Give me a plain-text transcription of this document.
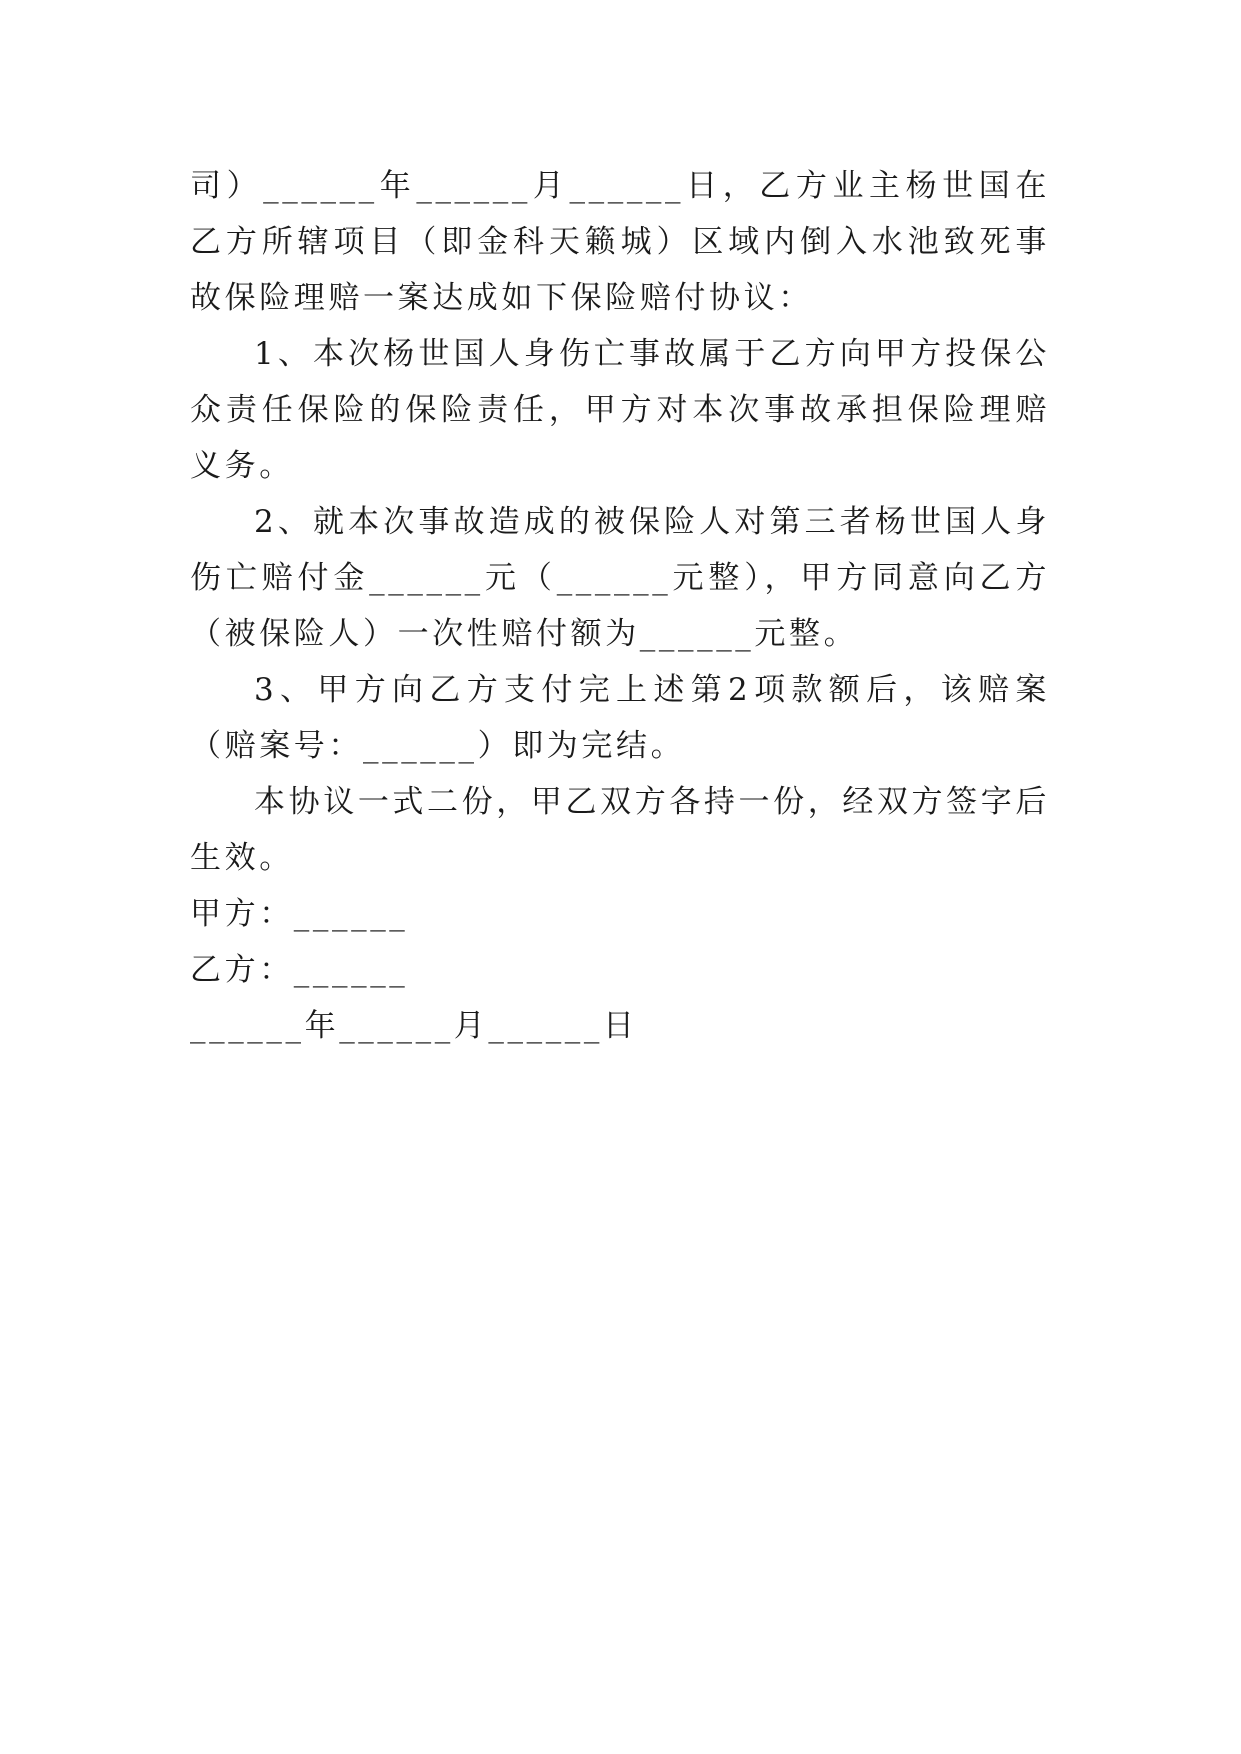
司）______年______月______日，乙方业主杨世国在乙方所辖项目（即金科天籁城）区域内倒入水池致死事故保险理赔一案达成如下保险赔付协议：

1、本次杨世国人身伤亡事故属于乙方向甲方投保公众责任保险的保险责任，甲方对本次事故承担保险理赔义务。

2、就本次事故造成的被保险人对第三者杨世国人身伤亡赔付金______元（______元整），甲方同意向乙方（被保险人）一次性赔付额为______元整。

3、甲方向乙方支付完上述第2项款额后，该赔案（赔案号：______）即为完结。

本协议一式二份，甲乙双方各持一份，经双方签字后生效。

甲方：______

乙方：______

______年______月______日
